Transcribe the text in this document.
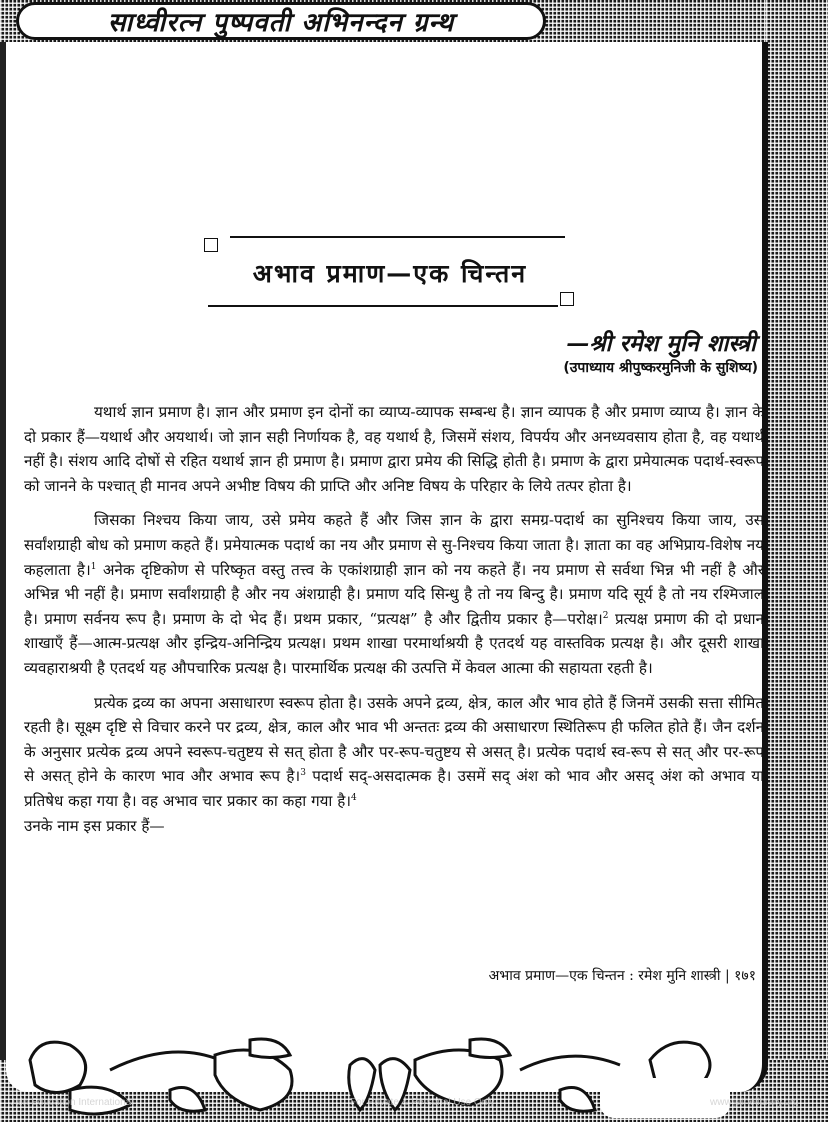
साध्वीरत्न पुष्पवती अभिनन्दन ग्रन्थ
अभाव प्रमाण—एक चिन्तन
—श्री रमेश मुनि शास्त्री
(उपाध्याय श्रीपुष्करमुनिजी के सुशिष्य)

यथार्थ ज्ञान प्रमाण है। ज्ञान और प्रमाण इन दोनों का व्याप्य-व्यापक सम्बन्ध है। ज्ञान व्यापक है और प्रमाण व्याप्य है। ज्ञान के दो प्रकार हैं—यथार्थ और अयथार्थ। जो ज्ञान सही निर्णायक है, वह यथार्थ है, जिसमें संशय, विपर्यय और अनध्यवसाय होता है, वह यथार्थ नहीं है। संशय आदि दोषों से रहित यथार्थ ज्ञान ही प्रमाण है। प्रमाण द्वारा प्रमेय की सिद्धि होती है। प्रमाण के द्वारा प्रमेयात्मक पदार्थ-स्वरूप को जानने के पश्चात् ही मानव अपने अभीष्ट विषय की प्राप्ति और अनिष्ट विषय के परिहार के लिये तत्पर होता है।

जिसका निश्चय किया जाय, उसे प्रमेय कहते हैं और जिस ज्ञान के द्वारा समग्र-पदार्थ का सुनिश्चय किया जाय, उस सर्वांशग्राही बोध को प्रमाण कहते हैं। प्रमेयात्मक पदार्थ का नय और प्रमाण से सु-निश्चय किया जाता है। ज्ञाता का वह अभिप्राय-विशेष नय कहलाता है।$^1$ अनेक दृष्टिकोण से परिष्कृत वस्तु तत्त्व के एकांशग्राही ज्ञान को नय कहते हैं। नय प्रमाण से सर्वथा भिन्न भी नहीं है और अभिन्न भी नहीं है। प्रमाण सर्वांशग्राही है और नय अंशग्राही है। प्रमाण यदि सिन्धु है तो नय बिन्दु है। प्रमाण यदि सूर्य है तो नय रश्मिजाल है। प्रमाण सर्वनय रूप है। प्रमाण के दो भेद हैं। प्रथम प्रकार, “प्रत्यक्ष” है और द्वितीय प्रकार है—परोक्ष।$^2$ प्रत्यक्ष प्रमाण की दो प्रधान शाखाएँ हैं—आत्म-प्रत्यक्ष और इन्द्रिय-अनिन्द्रिय प्रत्यक्ष। प्रथम शाखा परमार्थाश्रयी है एतदर्थ यह वास्तविक प्रत्यक्ष है। और दूसरी शाखा व्यवहाराश्रयी है एतदर्थ यह औपचारिक प्रत्यक्ष है। पारमार्थिक प्रत्यक्ष की उत्पत्ति में केवल आत्मा की सहायता रहती है।

प्रत्येक द्रव्य का अपना असाधारण स्वरूप होता है। उसके अपने द्रव्य, क्षेत्र, काल और भाव होते हैं जिनमें उसकी सत्ता सीमित रहती है। सूक्ष्म दृष्टि से विचार करने पर द्रव्य, क्षेत्र, काल और भाव भी अन्ततः द्रव्य की असाधारण स्थितिरूप ही फलित होते हैं। जैन दर्शन के अनुसार प्रत्येक द्रव्य अपने स्वरूप-चतुष्टय से सत् होता है और पर-रूप-चतुष्टय से असत् है। प्रत्येक पदार्थ स्व-रूप से सत् और पर-रूप से असत् होने के कारण भाव और अभाव रूप है।$^3$ पदार्थ सद्-असदात्मक है। उसमें सद् अंश को भाव और असद् अंश को अभाव या प्रतिषेध कहा गया है। वह अभाव चार प्रकार का कहा गया है।$^4$

उनके नाम इस प्रकार हैं—

अभाव प्रमाण—एक चिन्तन : रमेश मुनि शास्त्री | १७१
Jain Education International	For Private & Personal Use Only	www.jainelibrary.org
